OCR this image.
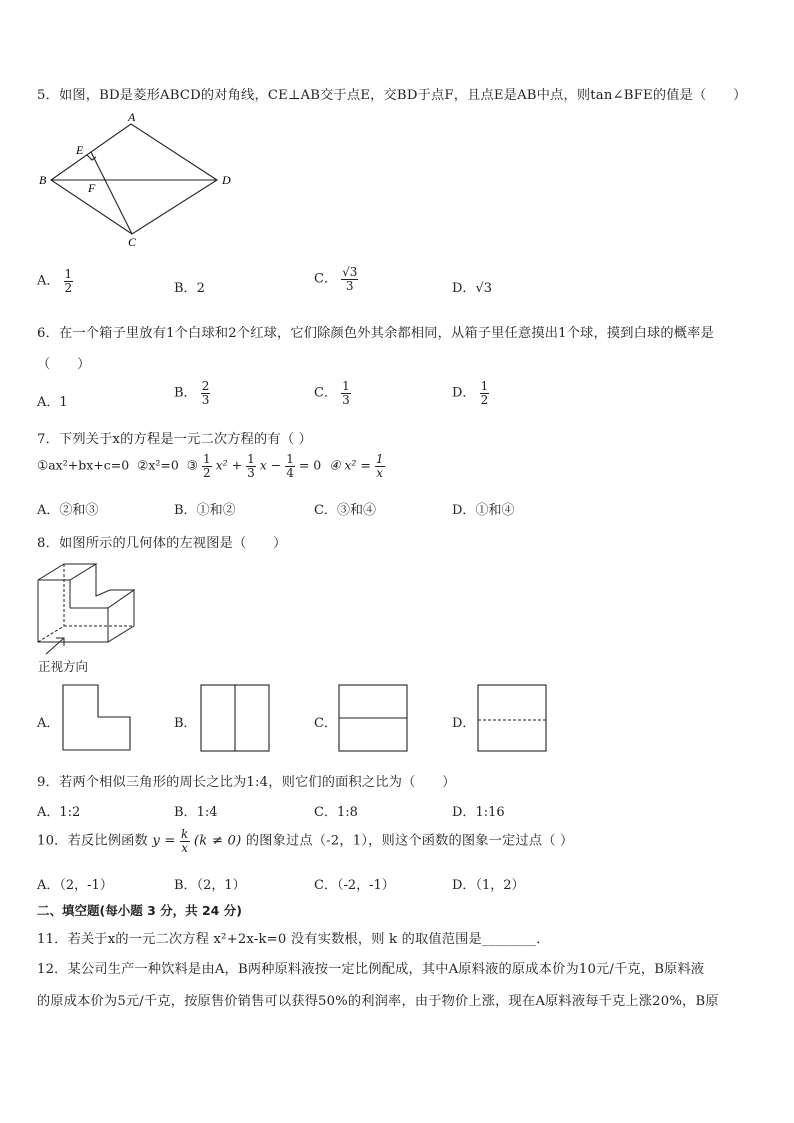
5．如图，BD是菱形ABCD的对角线，CE⊥AB交于点E，交BD于点F，且点E是AB中点，则tan∠BFE的值是（　　）
A
B
C
D
E
F
A． $\frac{1}{2}$	B．2
C． $\frac{√3}{3}$	D．√3
6．在一个箱子里放有1个白球和2个红球，它们除颜色外其余都相同，从箱子里任意摸出1个球，摸到白球的概率是
（　　）
A．1
B． $\frac{2}{3}$	C． $\frac{1}{3}$	D． $\frac{1}{2}$
7．下列关于x的方程是一元二次方程的有（ ）
①ax²+bx+c=0 ②x²=0 ③ $\frac{1}{2} x^2 + \frac{1}{3}$ $x - \frac{1}{4} = 0$ ④ $x^2 = \frac{1}{x}$
A．②和③	B．①和②	C．③和④	D．①和④
8．如图所示的几何体的左视图是（　　）
正视方向
A．	B．	C．	D．
9．若两个相似三角形的周长之比为1:4，则它们的面积之比为（　　）
A．1:2	B．1:4	C．1:8	D．1:16
10．若反比例函数 $y = \frac{k}{x} (k \ne 0)$ 的图象过点（-2，1），则这个函数的图象一定过点（ ）
A．（2，-1）	B．（2，1）	C．（-2，-1）	D．（1，2）
二、填空题(每小题 3 分，共 24 分)
11．若关于x的一元二次方程 x²+2x-k=0 没有实数根，则 k 的取值范围是________．
12．某公司生产一种饮料是由A，B两种原料液按一定比例配成，其中A原料液的原成本价为10元/千克，B原料液
的原成本价为5元/千克，按原售价销售可以获得50%的利润率，由于物价上涨，现在A原料液每千克上涨20%，B原
